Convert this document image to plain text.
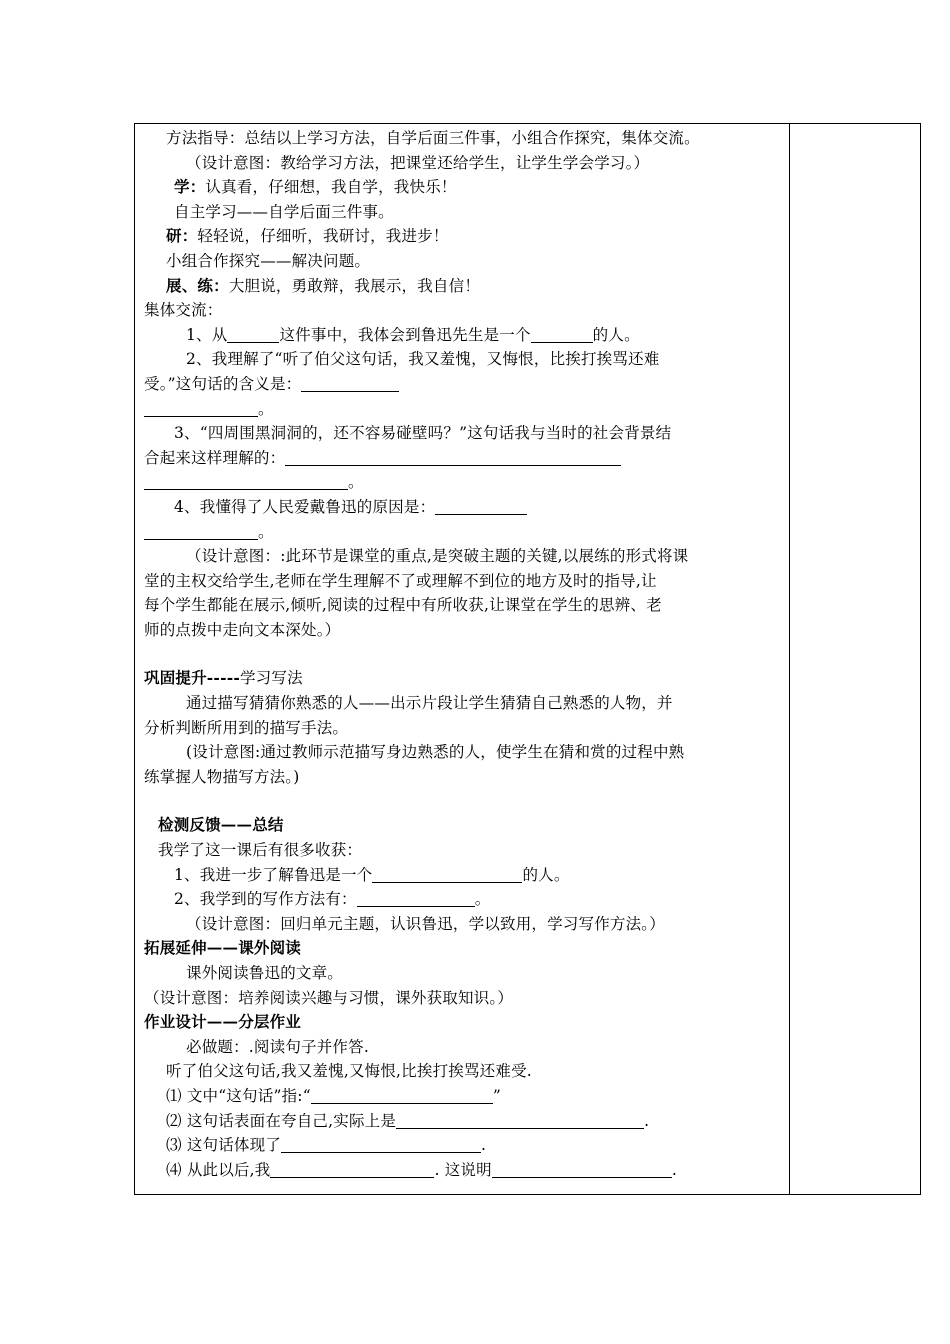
方法指导：总结以上学习方法，自学后面三件事，小组合作探究，集体交流。

（设计意图：教给学习方法，把课堂还给学生，让学生学会学习。）

学：认真看，仔细想，我自学，我快乐！

自主学习——自学后面三件事。

研：轻轻说，仔细听，我研讨，我进步！

小组合作探究——解决问题。

展、练：大胆说，勇敢辩，我展示，我自信！

集体交流：

1、从	这件事中，我体会到鲁迅先生是一个	的人。

2、我理解了“听了伯父这句话，我又羞愧，又悔恨，比挨打挨骂还难

受。”这句话的含义是：

。

3、“四周围黑洞洞的，还不容易碰壁吗？”这句话我与当时的社会背景结

合起来这样理解的：

。

4、我懂得了人民爱戴鲁迅的原因是：

。

（设计意图：:此环节是课堂的重点,是突破主题的关键,以展练的形式将课

堂的主权交给学生,老师在学生理解不了或理解不到位的地方及时的指导,让

每个学生都能在展示,倾听,阅读的过程中有所收获,让课堂在学生的思辨、老

师的点拨中走向文本深处。）

巩固提升-----学习写法

通过描写猜猜你熟悉的人——出示片段让学生猜猜自己熟悉的人物，并

分析判断所用到的描写手法。

(设计意图:通过教师示范描写身边熟悉的人，使学生在猜和赏的过程中熟

练掌握人物描写方法。)

检测反馈——总结

我学了这一课后有很多收获：

1、我进一步了解鲁迅是一个	的人。

2、我学到的写作方法有：	。

（设计意图：回归单元主题，认识鲁迅，学以致用，学习写作方法。）

拓展延伸——课外阅读

课外阅读鲁迅的文章。

（设计意图：培养阅读兴趣与习惯，课外获取知识。）

作业设计——分层作业

必做题：.阅读句子并作答.

听了伯父这句话,我又羞愧,又悔恨,比挨打挨骂还难受.

⑴ 文中“这句话”指:“	”

⑵ 这句话表面在夸自己,实际上是	.

⑶ 这句话体现了	.

⑷ 从此以后,我	. 这说明	.
